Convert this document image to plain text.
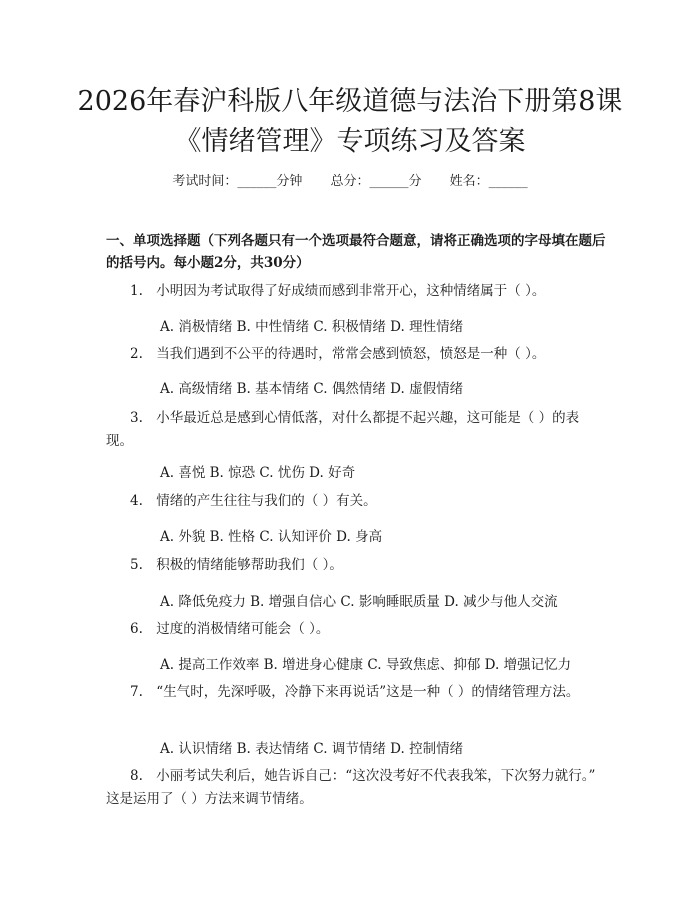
2026年春沪科版八年级道德与法治下册第8课《情绪管理》专项练习及答案
考试时间：______分钟 总分：______分 姓名：______
一、单项选择题（下列各题只有一个选项最符合题意，请将正确选项的字母填在题后的括号内。每小题2分，共30分）
1. 小明因为考试取得了好成绩而感到非常开心，这种情绪属于（ ）。
A. 消极情绪 B. 中性情绪 C. 积极情绪 D. 理性情绪
2. 当我们遇到不公平的待遇时，常常会感到愤怒，愤怒是一种（ ）。
A. 高级情绪 B. 基本情绪 C. 偶然情绪 D. 虚假情绪
3. 小华最近总是感到心情低落，对什么都提不起兴趣，这可能是（ ）的表现。
A. 喜悦 B. 惊恐 C. 忧伤 D. 好奇
4. 情绪的产生往往与我们的（ ）有关。
A. 外貌 B. 性格 C. 认知评价 D. 身高
5. 积极的情绪能够帮助我们（ ）。
A. 降低免疫力 B. 增强自信心 C. 影响睡眠质量 D. 减少与他人交流
6. 过度的消极情绪可能会（ ）。
A. 提高工作效率 B. 增进身心健康 C. 导致焦虑、抑郁 D. 增强记忆力
7. “生气时，先深呼吸，冷静下来再说话”这是一种（ ）的情绪管理方法。
A. 认识情绪 B. 表达情绪 C. 调节情绪 D. 控制情绪
8. 小丽考试失利后，她告诉自己：“这次没考好不代表我笨，下次努力就行。” 这是运用了（ ）方法来调节情绪。
